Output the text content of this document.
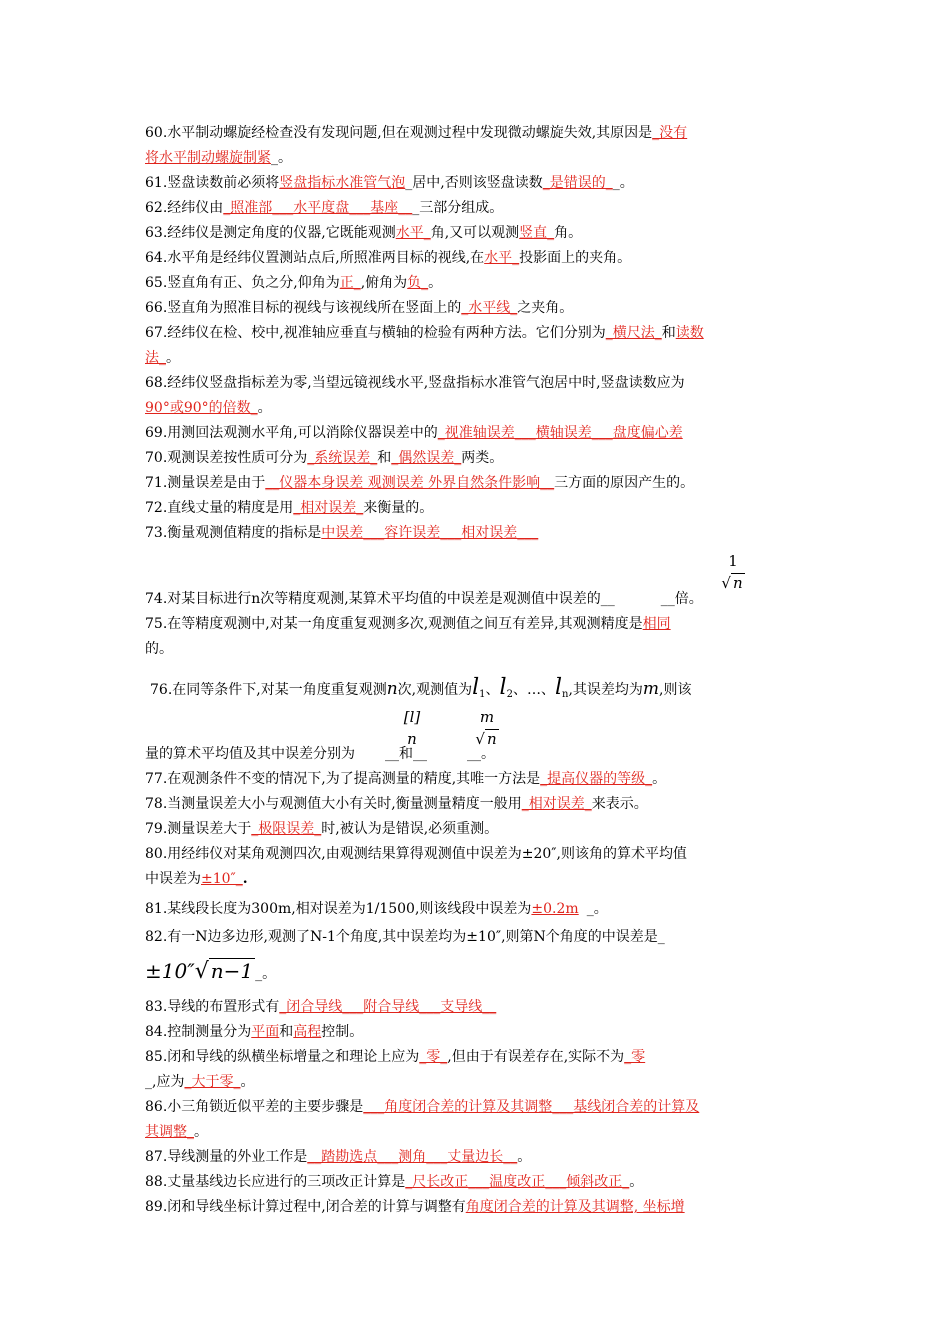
60.水平制动螺旋经检查没有发现问题,但在观测过程中发现微动螺旋失效,其原因是_没有
将水平制动螺旋制紧_。
61.竖盘读数前必须将竖盘指标水准管气泡_居中,否则该竖盘读数_是错误的__。
62.经纬仪由_照准部___水平度盘___基座___三部分组成。
63.经纬仪是测定角度的仪器,它既能观测水平_角,又可以观测竖直_角。
64.水平角是经纬仪置测站点后,所照准两目标的视线,在水平_投影面上的夹角。
65.竖直角有正、负之分,仰角为正_,俯角为负_。
66.竖直角为照准目标的视线与该视线所在竖面上的_水平线_之夹角。
67.经纬仪在检、校中,视准轴应垂直与横轴的检验有两种方法。它们分别为_横尺法_和读数
法_。
68.经纬仪竖盘指标差为零,当望远镜视线水平,竖盘指标水准管气泡居中时,竖盘读数应为
90°或90°的倍数_。
69.用测回法观测水平角,可以消除仪器误差中的_视准轴误差___横轴误差___盘度偏心差
70.观测误差按性质可分为_系统误差_和_偶然误差_两类。
71.测量误差是由于__仪器本身误差 观测误差 外界自然条件影响__三方面的原因产生的。
72.直线丈量的精度是用_相对误差_来衡量的。
73.衡量观测值精度的指标是中误差___容许误差___相对误差___
1
√ n
74.对某目标进行n次等精度观测,某算术平均值的中误差是观测值中误差的__	__倍。
75.在等精度观测中,对某一角度重复观测多次,观测值之间互有差异,其观测精度是相同
的。
76.在同等条件下,对某一角度重复观测n次,观测值为$l_1$、$l_2$、…、$l_n$,其误差均为m,则该
[l]
n
m
√ n
量的算术平均值及其中误差分别为 __和__	__。
77.在观测条件不变的情况下,为了提高测量的精度,其唯一方法是_提高仪器的等级_。
78.当测量误差大小与观测值大小有关时,衡量测量精度一般用_相对误差_来表示。
79.测量误差大于_极限误差_时,被认为是错误,必须重测。
80.用经纬仪对某角观测四次,由观测结果算得观测值中误差为±20″,则该角的算术平均值
中误差为±10″_.
81.某线段长度为300m,相对误差为1/1500,则该线段中误差为±0.2m _。
82.有一N边多边形,观测了N-1个角度,其中误差均为±10″,则第N个角度的中误差是_
±10″√ n−1 _。
83.导线的布置形式有_闭合导线___附合导线___支导线__
84.控制测量分为平面和高程控制。
85.闭和导线的纵横坐标增量之和理论上应为_零_,但由于有误差存在,实际不为_零
_,应为_大于零_。
86.小三角锁近似平差的主要步骤是___角度闭合差的计算及其调整___基线闭合差的计算及
其调整_。
87.导线测量的外业工作是__踏勘选点___测角___丈量边长__。
88.丈量基线边长应进行的三项改正计算是_尺长改正___温度改正___倾斜改正_。
89.闭和导线坐标计算过程中,闭合差的计算与调整有角度闭合差的计算及其调整, 坐标增
